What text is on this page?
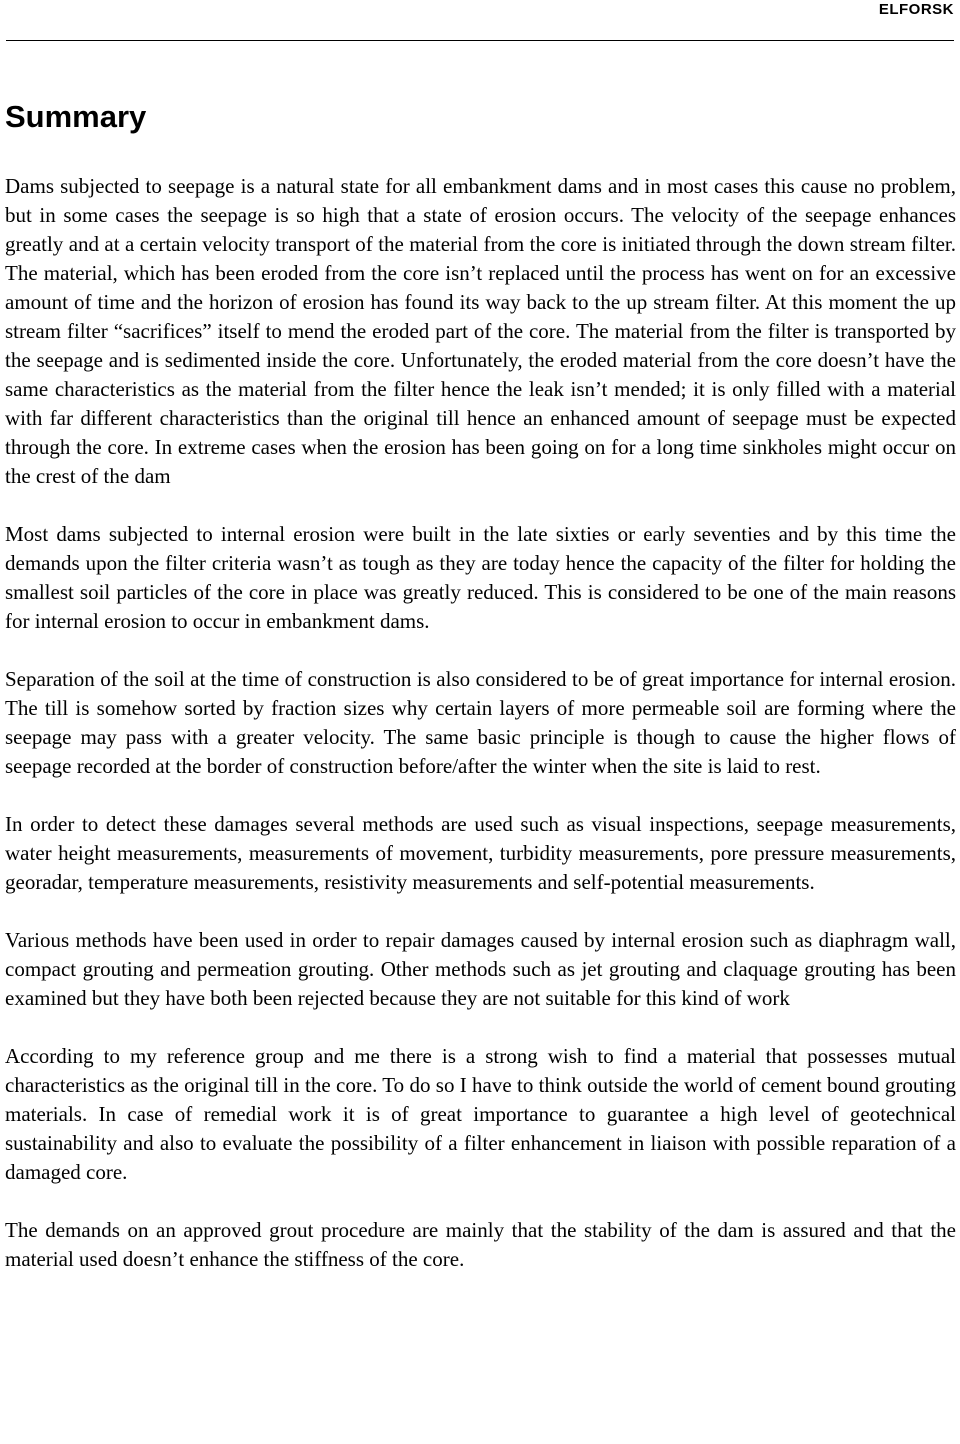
ELFORSK
Summary

Dams subjected to seepage is a natural state for all embankment dams and in most cases this cause no problem, but in some cases the seepage is so high that a state of erosion occurs. The velocity of the seepage enhances greatly and at a certain velocity transport of the material from the core is initiated through the down stream filter. The material, which has been eroded from the core isn’t replaced until the process has went on for an excessive amount of time and the horizon of erosion has found its way back to the up stream filter. At this moment the up stream filter “sacrifices” itself to mend the eroded part of the core. The material from the filter is transported by the seepage and is sedimented inside the core. Unfortunately, the eroded material from the core doesn’t have the same characteristics as the material from the filter hence the leak isn’t mended; it is only filled with a material with far different characteristics than the original till hence an enhanced amount of seepage must be expected through the core. In extreme cases when the erosion has been going on for a long time sinkholes might occur on the crest of the dam

Most dams subjected to internal erosion were built in the late sixties or early seventies and by this time the demands upon the filter criteria wasn’t as tough as they are today hence the capacity of the filter for holding the smallest soil particles of the core in place was greatly reduced. This is considered to be one of the main reasons for internal erosion to occur in embankment dams.

Separation of the soil at the time of construction is also considered to be of great importance for internal erosion. The till is somehow sorted by fraction sizes why certain layers of more permeable soil are forming where the seepage may pass with a greater velocity. The same basic principle is though to cause the higher flows of seepage recorded at the border of construction before/after the winter when the site is laid to rest.

In order to detect these damages several methods are used such as visual inspections, seepage measurements, water height measurements, measurements of movement, turbidity measurements, pore pressure measurements, georadar, temperature measurements, resistivity measurements and self-potential measurements.

Various methods have been used in order to repair damages caused by internal erosion such as diaphragm wall, compact grouting and permeation grouting. Other methods such as jet grouting and claquage grouting has been examined but they have both been rejected because they are not suitable for this kind of work

According to my reference group and me there is a strong wish to find a material that possesses mutual characteristics as the original till in the core. To do so I have to think outside the world of cement bound grouting materials. In case of remedial work it is of great importance to guarantee a high level of geotechnical sustainability and also to evaluate the possibility of a filter enhancement in liaison with possible reparation of a damaged core.

The demands on an approved grout procedure are mainly that the stability of the dam is assured and that the material used doesn’t enhance the stiffness of the core.
